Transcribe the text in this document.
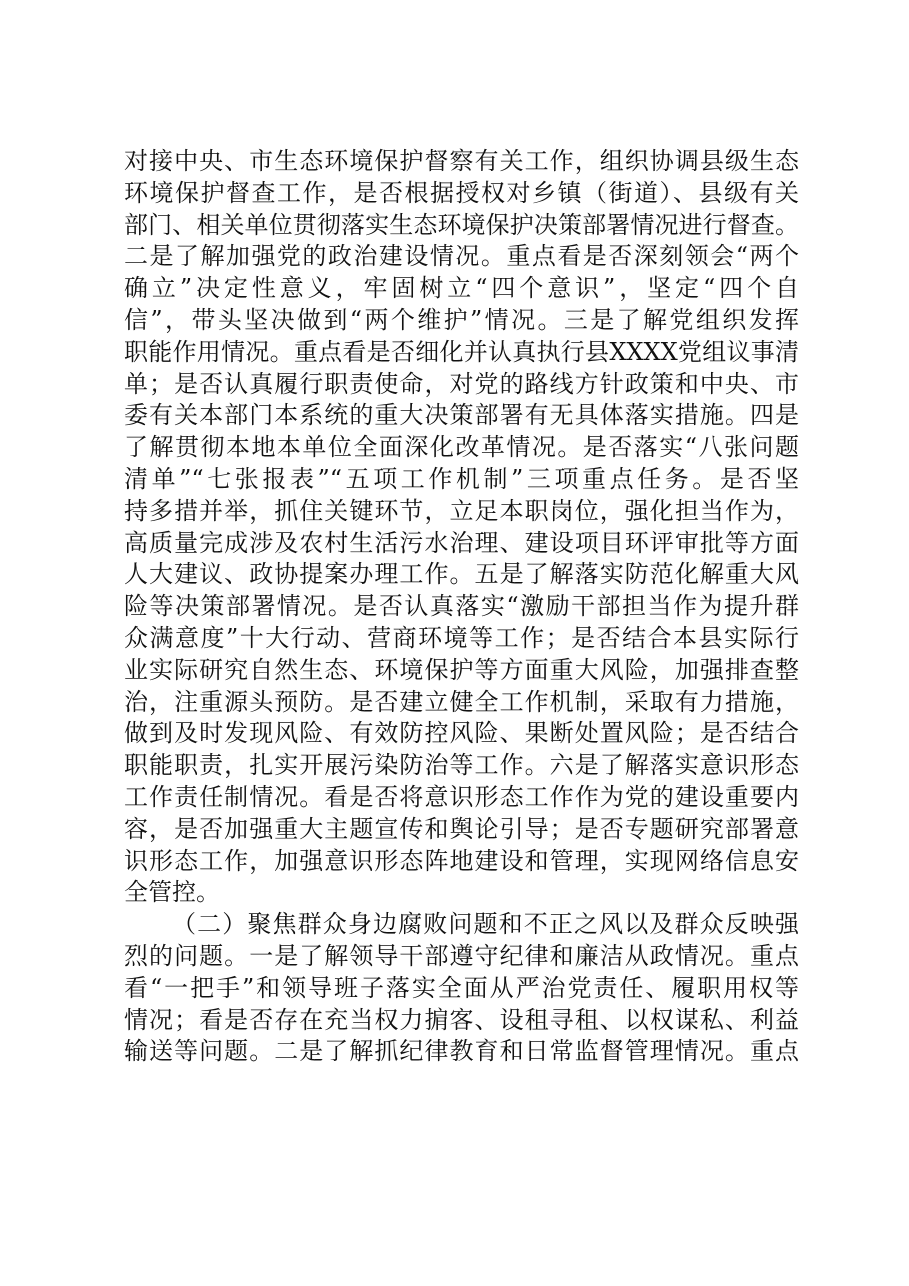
对接中央、市生态环境保护督察有关工作，组织协调县级生态
环境保护督查工作，是否根据授权对乡镇（街道）、县级有关
部门、相关单位贯彻落实生态环境保护决策部署情况进行督查。
二是了解加强党的政治建设情况。重点看是否深刻领会“两个
确立”决定性意义，牢固树立“四个意识”，坚定“四个自
信”，带头坚决做到“两个维护”情况。三是了解党组织发挥
职能作用情况。重点看是否细化并认真执行县XXXX党组议事清
单；是否认真履行职责使命，对党的路线方针政策和中央、市
委有关本部门本系统的重大决策部署有无具体落实措施。四是
了解贯彻本地本单位全面深化改革情况。是否落实“八张问题
清单”“七张报表”“五项工作机制”三项重点任务。是否坚
持多措并举，抓住关键环节，立足本职岗位，强化担当作为，
高质量完成涉及农村生活污水治理、建设项目环评审批等方面
人大建议、政协提案办理工作。五是了解落实防范化解重大风
险等决策部署情况。是否认真落实“激励干部担当作为提升群
众满意度”十大行动、营商环境等工作；是否结合本县实际行
业实际研究自然生态、环境保护等方面重大风险，加强排查整
治，注重源头预防。是否建立健全工作机制，采取有力措施，
做到及时发现风险、有效防控风险、果断处置风险；是否结合
职能职责，扎实开展污染防治等工作。六是了解落实意识形态
工作责任制情况。看是否将意识形态工作作为党的建设重要内
容，是否加强重大主题宣传和舆论引导；是否专题研究部署意
识形态工作，加强意识形态阵地建设和管理，实现网络信息安
全管控。
（二）聚焦群众身边腐败问题和不正之风以及群众反映强
烈的问题。一是了解领导干部遵守纪律和廉洁从政情况。重点
看“一把手”和领导班子落实全面从严治党责任、履职用权等
情况；看是否存在充当权力掮客、设租寻租、以权谋私、利益
输送等问题。二是了解抓纪律教育和日常监督管理情况。重点
